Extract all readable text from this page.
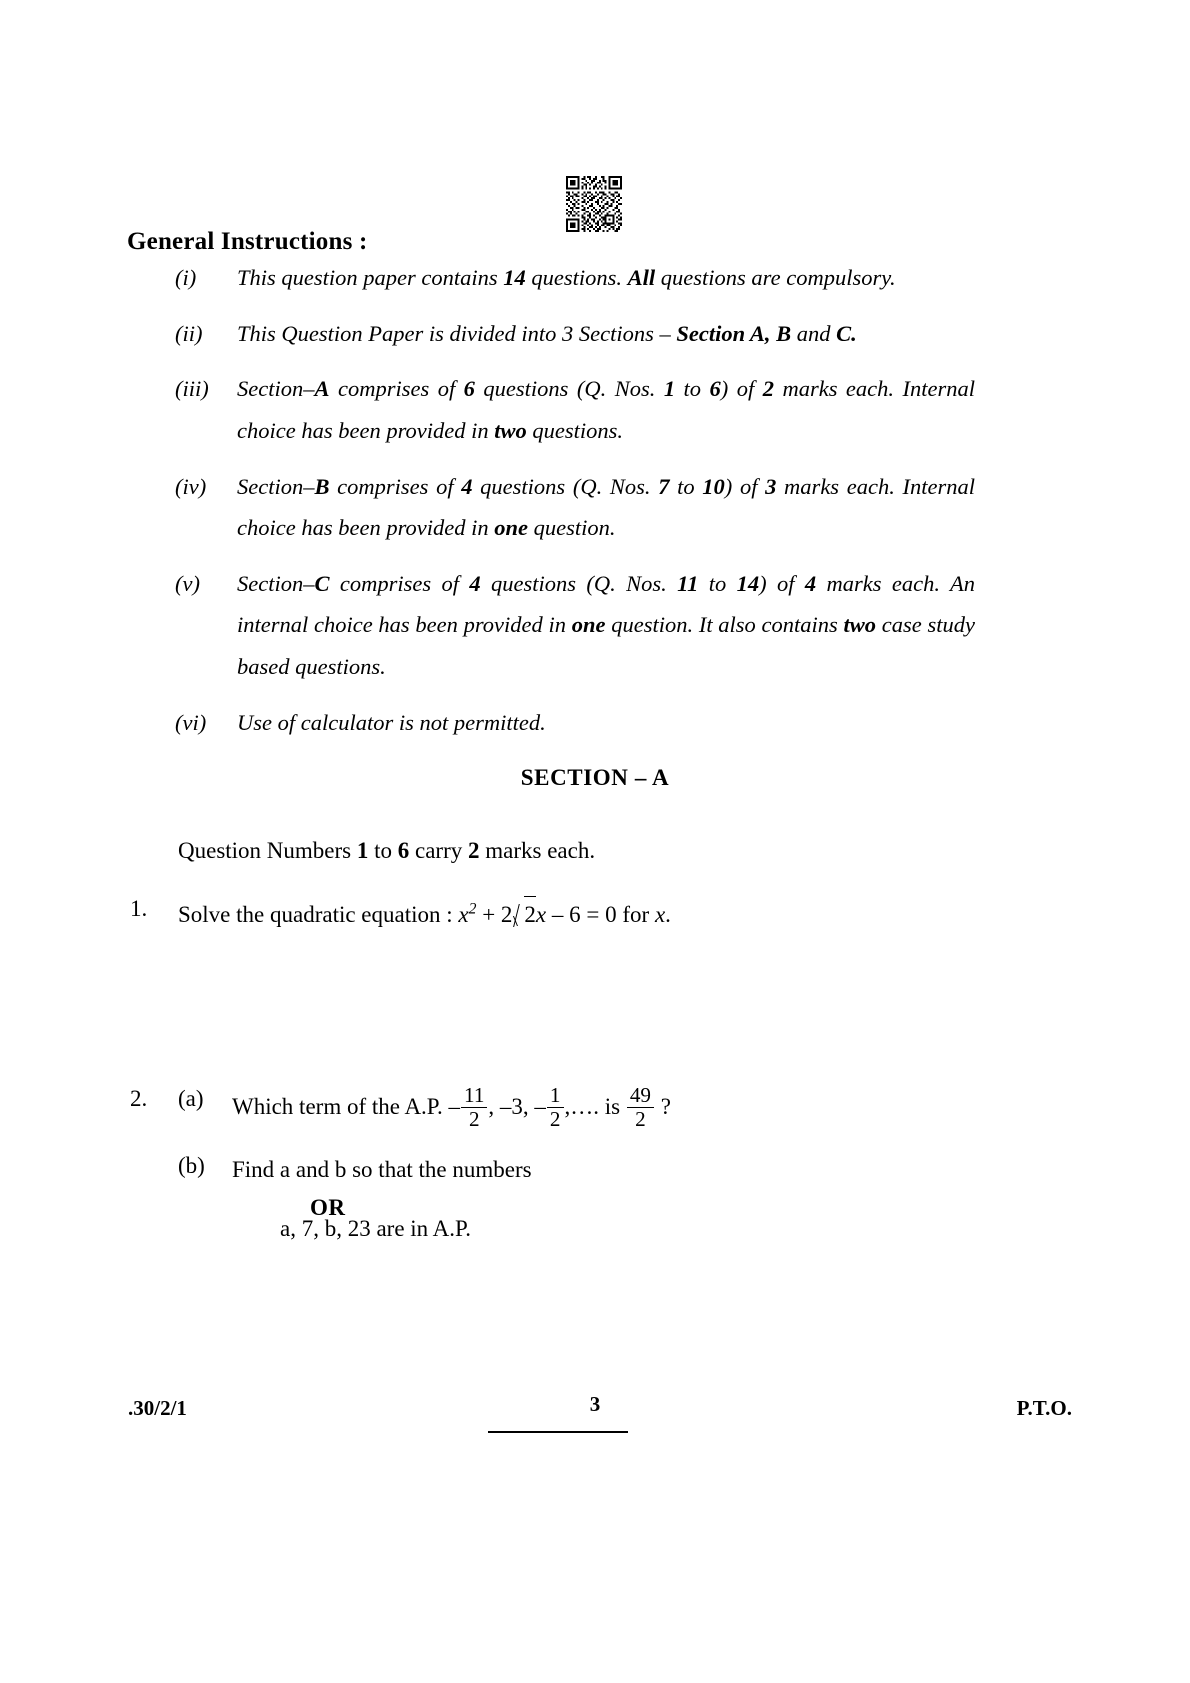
General Instructions :
(i)	This question paper contains 14 questions. All questions are compulsory.
(ii)	This Question Paper is divided into 3 Sections – Section A, B and C.
(iii)	Section–A comprises of 6 questions (Q. Nos. 1 to 6) of 2 marks each. Internal choice has been provided in two questions.
(iv)	Section–B comprises of 4 questions (Q. Nos. 7 to 10) of 3 marks each. Internal choice has been provided in one question.
(v)	Section–C comprises of 4 questions (Q. Nos. 11 to 14) of 4 marks each. An internal choice has been provided in one question. It also contains two case study based questions.
(vi)	Use of calculator is not permitted.
SECTION – A
Question Numbers 1 to 6 carry 2 marks each.
1. Solve the quadratic equation : $x^2 + 2$ 2 x – 6 = 0 for x.
2. (a) Which term of the A.P. – $\frac{11}{2}$ , –3, – $\frac{1}{2}$ ,…. is $\frac{49}{2}$ ?
OR
(b) Find a and b so that the numbers
a, 7, b, 23 are in A.P.
.30/2/1	3	P.T.O.
